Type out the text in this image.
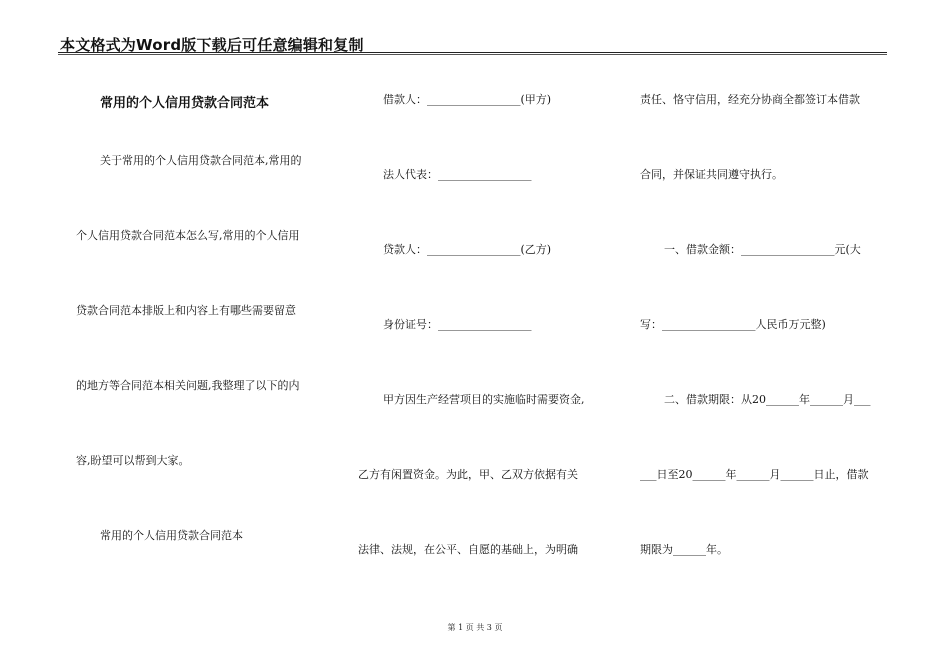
本文格式为Word版下载后可任意编辑和复制
常用的个人信用贷款合同范本
关于常用的个人信用贷款合同范本,常用的
个人信用贷款合同范本怎么写,常用的个人信用
贷款合同范本排版上和内容上有哪些需要留意
的地方等合同范本相关问题,我整理了以下的内
容,盼望可以帮到大家。
常用的个人信用贷款合同范本
借款人：_________________(甲方)
法人代表：_________________
贷款人：_________________(乙方)
身份证号：_________________
甲方因生产经营项目的实施临时需要资金,
乙方有闲置资金。为此，甲、乙双方依据有关
法律、法规，在公平、自愿的基础上，为明确
责任、恪守信用，经充分协商全都签订本借款
合同，并保证共同遵守执行。
一、借款金额：_________________元(大
写：_________________人民币万元整)
二、借款期限：从20______年______月___
___日至20______年______月______日止，借款
期限为______年。
第 1 页 共 3 页
